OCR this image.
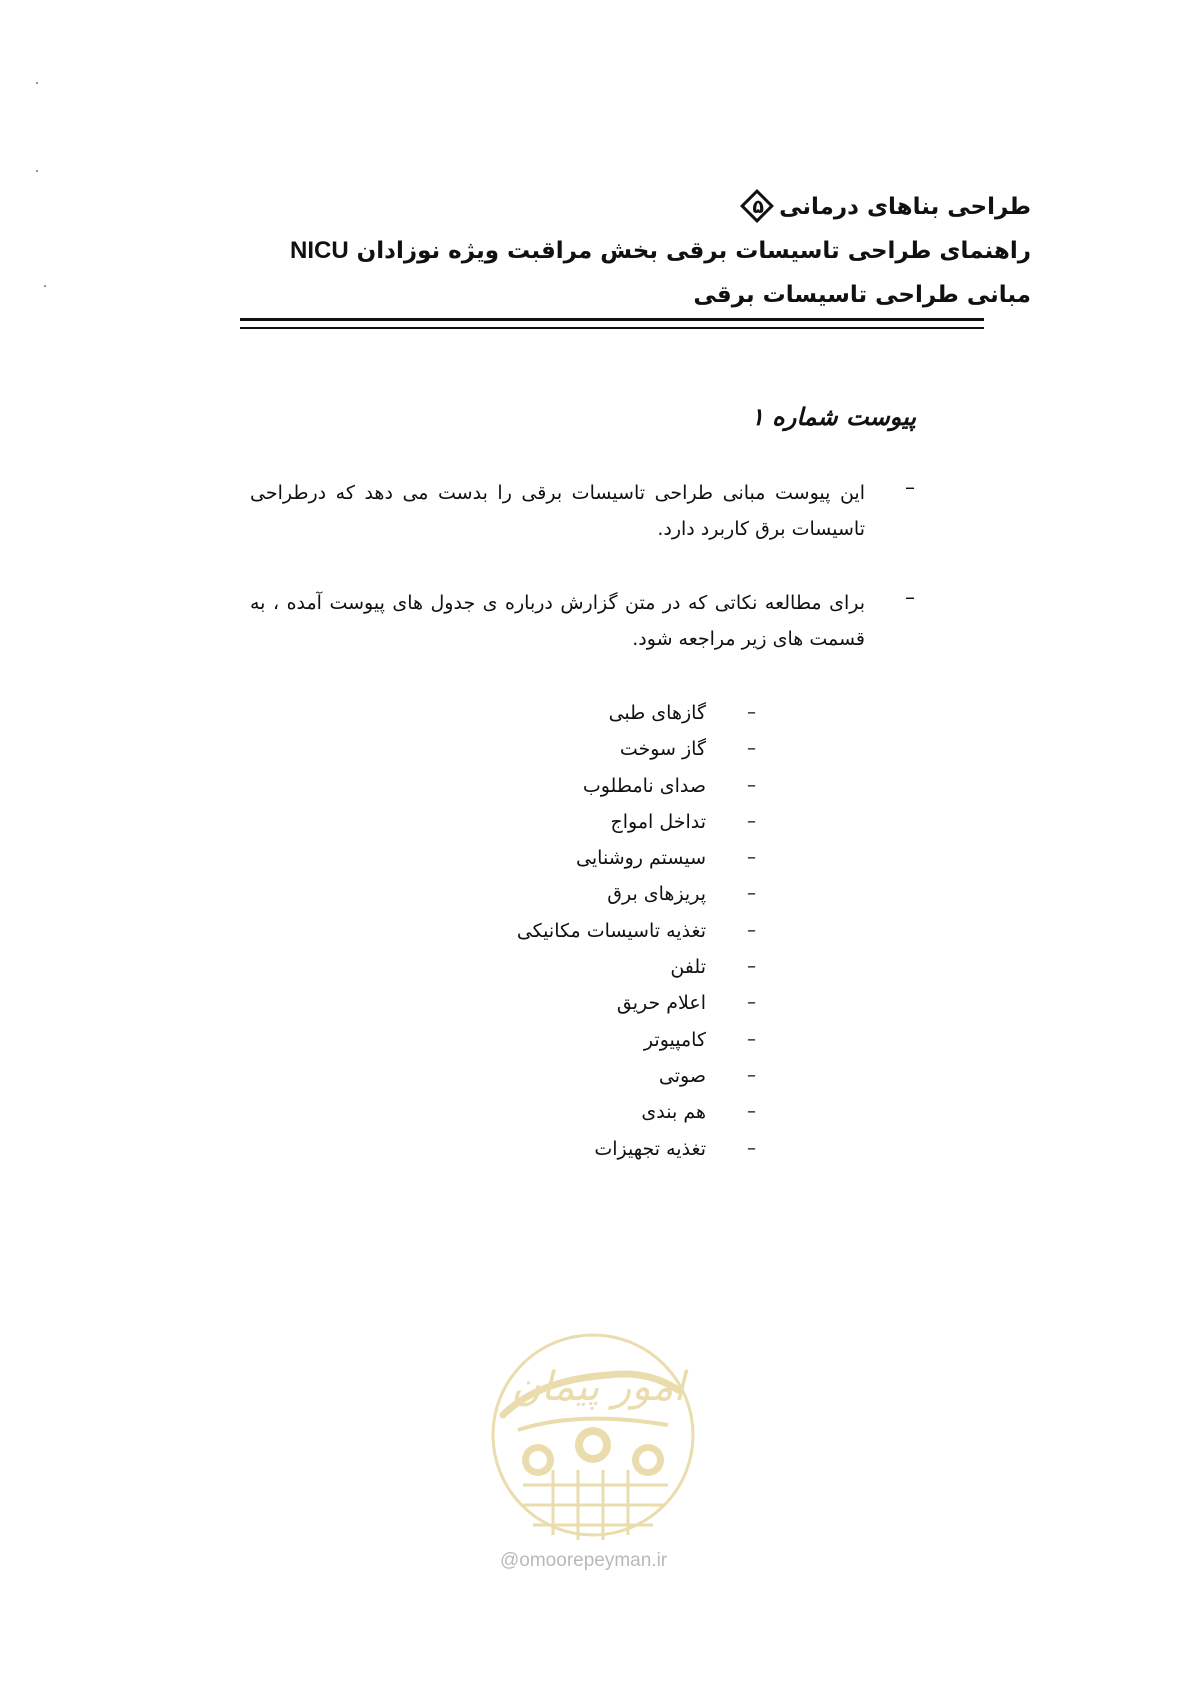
طراحی بناهای درمانی
۵
راهنمای طراحی تاسیسات برقی بخش مراقبت ویژه نوزادان NICU
مبانی طراحی تاسیسات برقی
پیوست شماره ۱
–

این پیوست مبانی طراحی تاسیسات برقی را بدست می دهد که درطراحی تاسیسات برق کاربرد دارد.

–

برای مطالعه نکاتی که در متن گزارش درباره ی جدول های پیوست آمده ، به قسمت های زیر مراجعه شود.

–
گازهای طبی
–
گاز سوخت
–
صدای نامطلوب
–
تداخل امواج
–
سیستم روشنایی
–
پریزهای برق
–
تغذیه تاسیسات مکانیکی
–
تلفن
–
اعلام حریق
–
کامپیوتر
–
صوتی
–
هم بندی
–
تغذیه تجهیزات
امور پیمان
@omoorepeyman.ir
